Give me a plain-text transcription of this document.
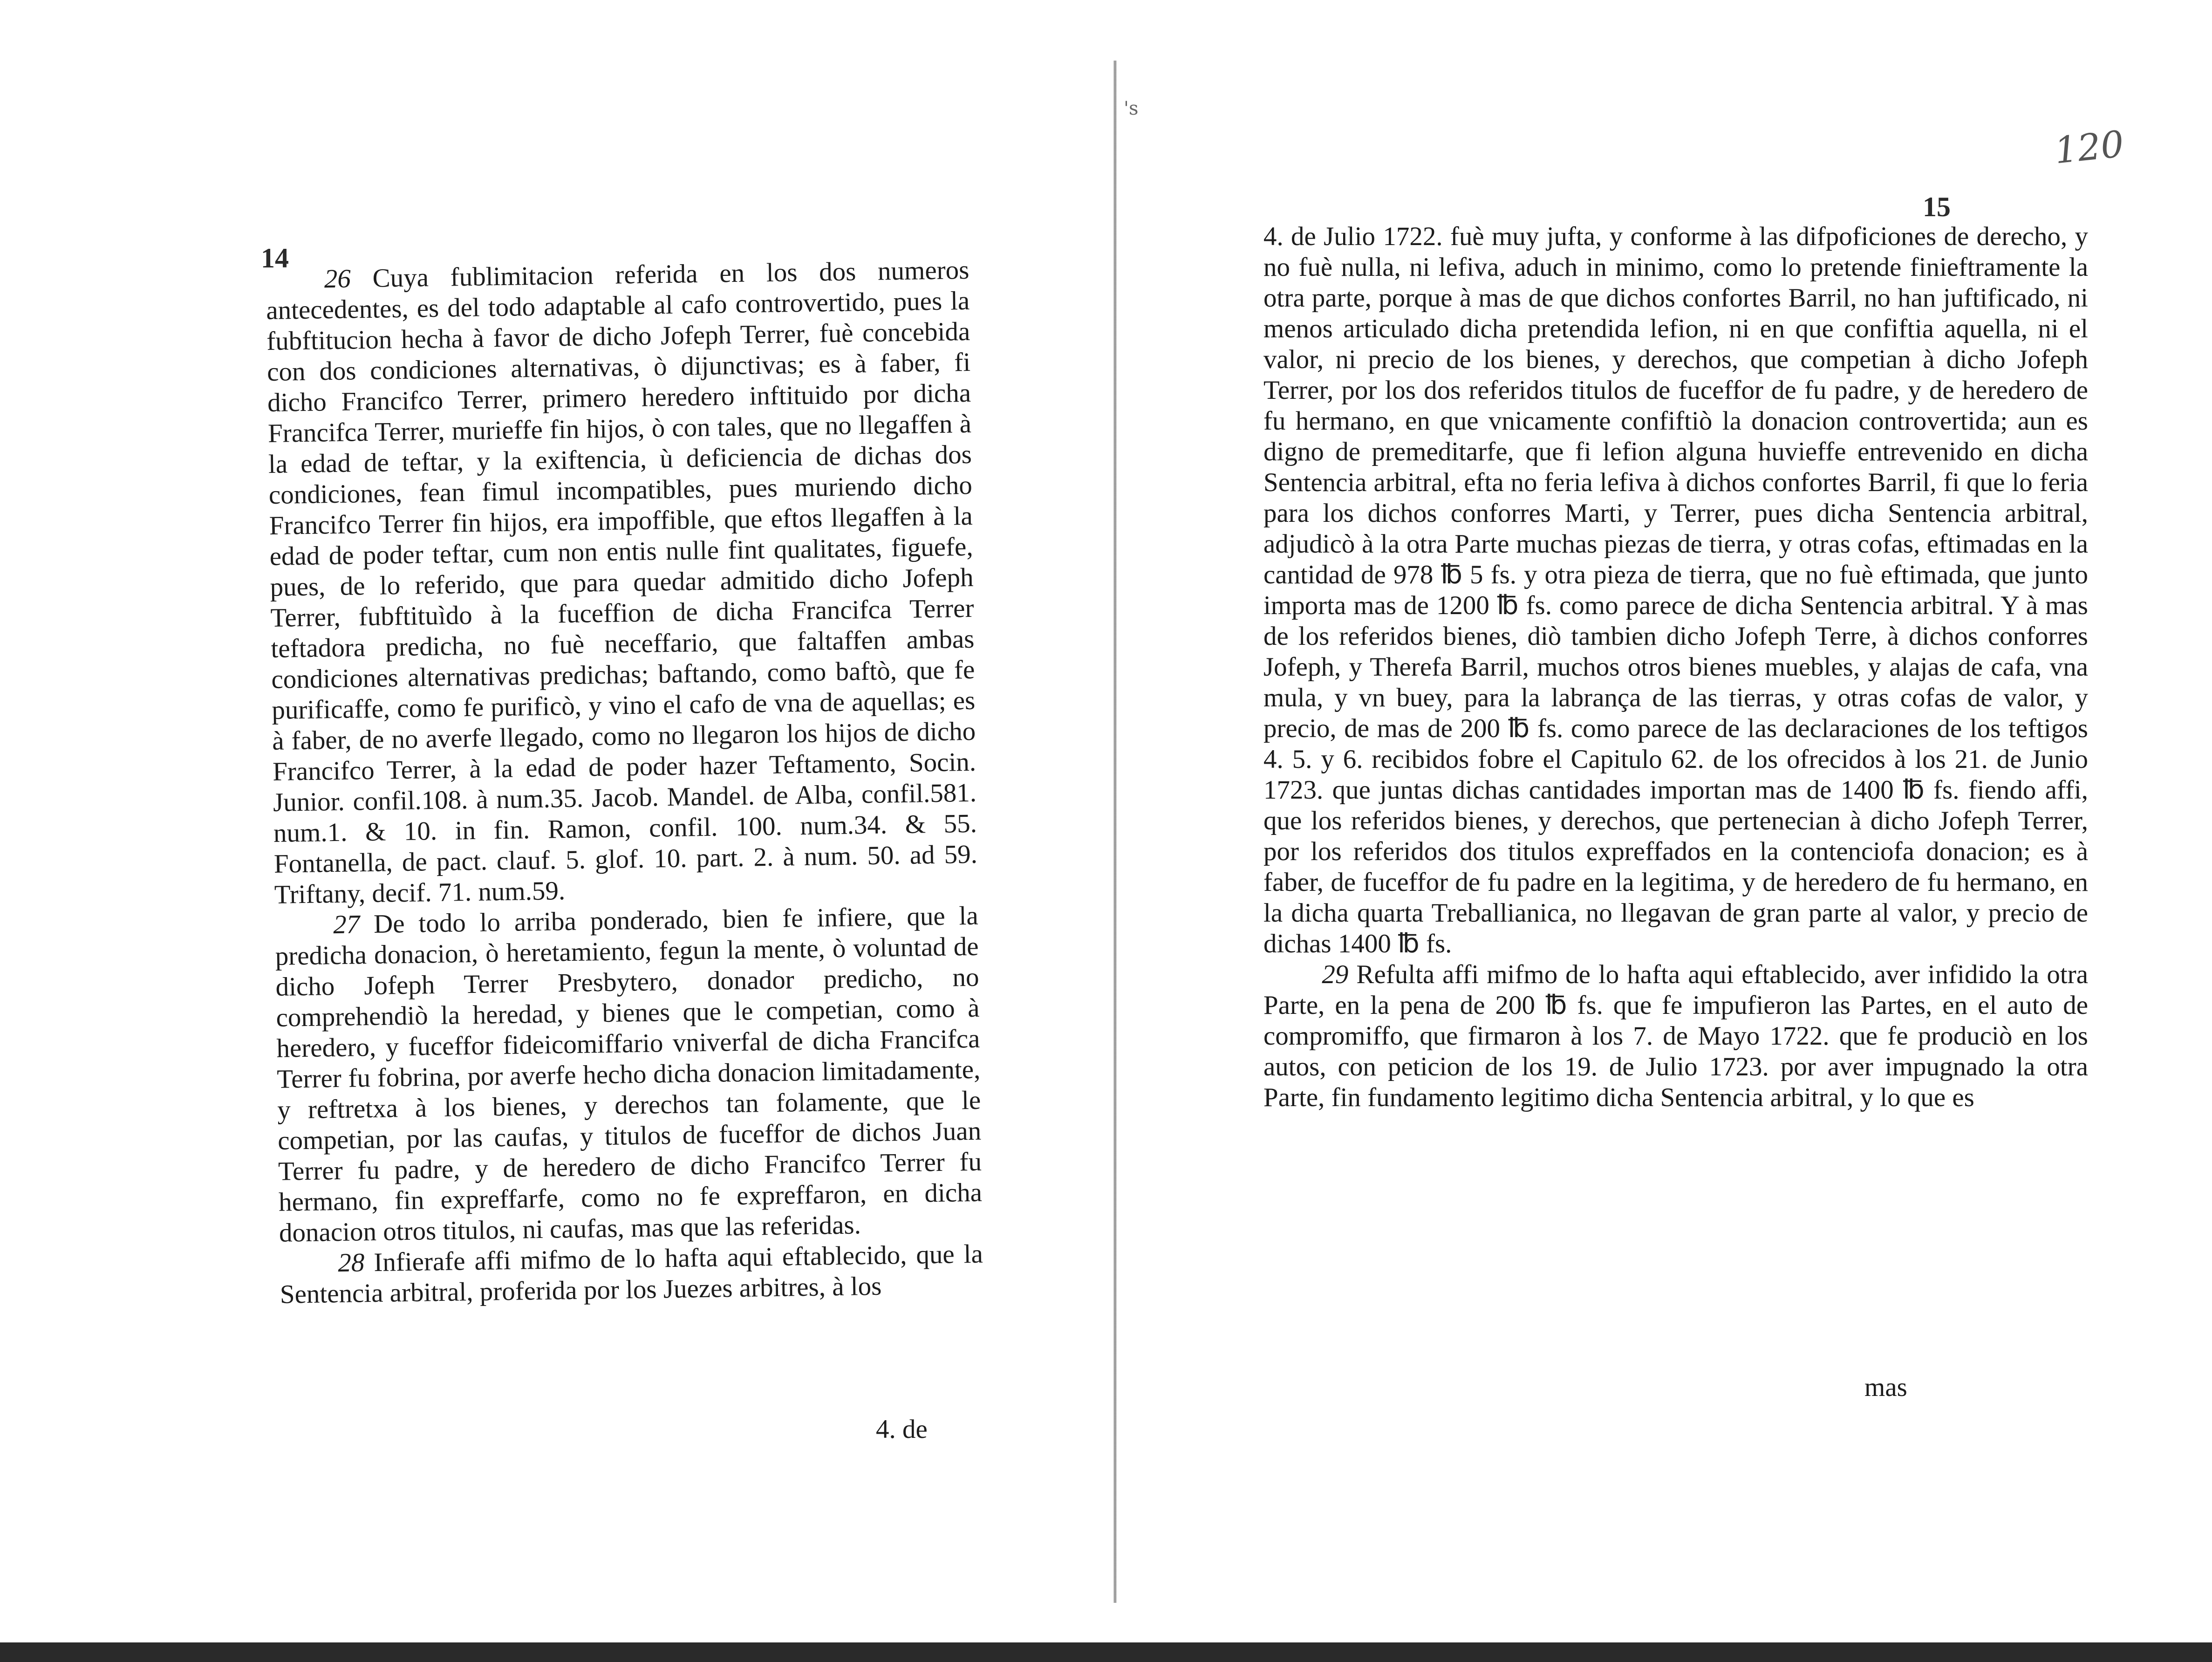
14

26 Cuya fublimitacion referida en los dos numeros antecedentes, es del todo adaptable al cafo controvertido, pues la fubftitucion hecha à favor de dicho Jofeph Terrer, fuè concebida con dos condiciones alternativas, ò dijunctivas; es à faber, fi dicho Francifco Terrer, primero heredero inftituido por dicha Francifca Terrer, murieffe fin hijos, ò con tales, que no llegaffen à la edad de teftar, y la exiftencia, ù deficiencia de dichas dos condiciones, fean fimul incompatibles, pues muriendo dicho Francifco Terrer fin hijos, era impoffible, que eftos llegaffen à la edad de poder teftar, cum non entis nulle fint qualitates, figuefe, pues, de lo referido, que para quedar admitido dicho Jofeph Terrer, fubftituìdo à la fuceffion de dicha Francifca Terrer teftadora predicha, no fuè neceffario, que faltaffen ambas condiciones alternativas predichas; baftando, como baftò, que fe purificaffe, como fe purificò, y vino el cafo de vna de aquellas; es à faber, de no averfe llegado, como no llegaron los hijos de dicho Francifco Terrer, à la edad de poder hazer Teftamento, Socin. Junior. confil.108. à num.35. Jacob. Mandel. de Alba, confil.581. num.1. & 10. in fin. Ramon, confil. 100. num.34. & 55. Fontanella, de pact. clauf. 5. glof. 10. part. 2. à num. 50. ad 59. Triftany, decif. 71. num.59.

27 De todo lo arriba ponderado, bien fe infiere, que la predicha donacion, ò heretamiento, fegun la mente, ò voluntad de dicho Jofeph Terrer Presbytero, donador predicho, no comprehendiò la heredad, y bienes que le competian, como à heredero, y fuceffor fideicomiffario vniverfal de dicha Francifca Terrer fu fobrina, por averfe hecho dicha donacion limitadamente, y reftretxa à los bienes, y derechos tan folamente, que le competian, por las caufas, y titulos de fuceffor de dichos Juan Terrer fu padre, y de heredero de dicho Francifco Terrer fu hermano, fin expreffarfe, como no fe expreffaron, en dicha donacion otros titulos, ni caufas, mas que las referidas.

28 Infierafe affi mifmo de lo hafta aqui eftablecido, que la Sentencia arbitral, proferida por los Juezes arbitres, à los

4. de
15

4. de Julio 1722. fuè muy jufta, y conforme à las difpoficiones de derecho, y no fuè nulla, ni lefiva, aduch in minimo, como lo pretende finieftramente la otra parte, porque à mas de que dichos confortes Barril, no han juftificado, ni menos articulado dicha pretendida lefion, ni en que confiftia aquella, ni el valor, ni precio de los bienes, y derechos, que competian à dicho Jofeph Terrer, por los dos referidos titulos de fuceffor de fu padre, y de heredero de fu hermano, en que vnicamente confiftiò la donacion controvertida; aun es digno de premeditarfe, que fi lefion alguna huvieffe entrevenido en dicha Sentencia arbitral, efta no feria lefiva à dichos confortes Barril, fi que lo feria para los dichos conforres Marti, y Terrer, pues dicha Sentencia arbitral, adjudicò à la otra Parte muchas piezas de tierra, y otras cofas, eftimadas en la cantidad de 978 ℔ 5 fs. y otra pieza de tierra, que no fuè eftimada, que junto importa mas de 1200 ℔ fs. como parece de dicha Sentencia arbitral. Y à mas de los referidos bienes, diò tambien dicho Jofeph Terre, à dichos conforres Jofeph, y Therefa Barril, muchos otros bienes muebles, y alajas de cafa, vna mula, y vn buey, para la labrança de las tierras, y otras cofas de valor, y precio, de mas de 200 ℔ fs. como parece de las declaraciones de los teftigos 4. 5. y 6. recibidos fobre el Capitulo 62. de los ofrecidos à los 21. de Junio 1723. que juntas dichas cantidades importan mas de 1400 ℔ fs. fiendo affi, que los referidos bienes, y derechos, que pertenecian à dicho Jofeph Terrer, por los referidos dos titulos expreffados en la contenciofa donacion; es à faber, de fuceffor de fu padre en la legitima, y de heredero de fu hermano, en la dicha quarta Treballianica, no llegavan de gran parte al valor, y precio de dichas 1400 ℔ fs.

29 Refulta affi mifmo de lo hafta aqui eftablecido, aver infidido la otra Parte, en la pena de 200 ℔ fs. que fe impufieron las Partes, en el auto de compromiffo, que firmaron à los 7. de Mayo 1722. que fe produciò en los autos, con peticion de los 19. de Julio 1723. por aver impugnado la otra Parte, fin fundamento legitimo dicha Sentencia arbitral, y lo que es

mas
's
120
